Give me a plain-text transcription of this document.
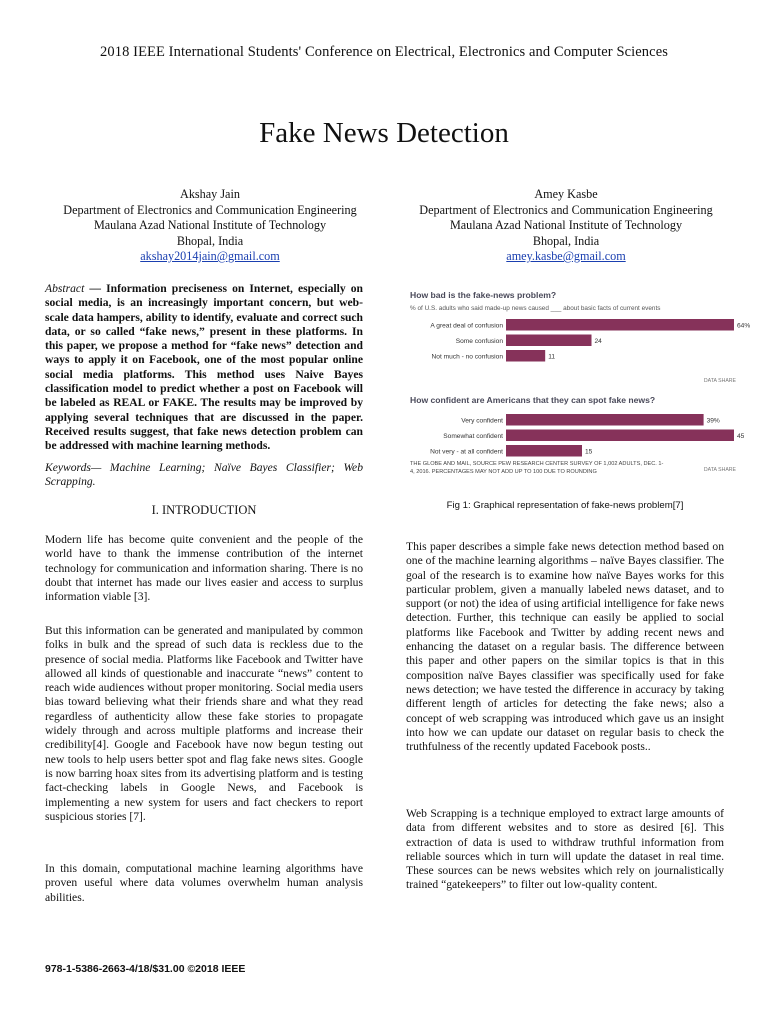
2018 IEEE International Students' Conference on Electrical, Electronics and Computer Sciences
Fake News Detection
Akshay Jain
Department of Electronics and Communication Engineering
Maulana Azad National Institute of Technology
Bhopal, India
akshay2014jain@gmail.com
Amey Kasbe
Department of Electronics and Communication Engineering
Maulana Azad National Institute of Technology
Bhopal, India
amey.kasbe@gmail.com
Abstract — Information preciseness on Internet, especially on social media, is an increasingly important concern, but web-scale data hampers, ability to identify, evaluate and correct such data, or so called “fake news,” present in these platforms. In this paper, we propose a method for “fake news” detection and ways to apply it on Facebook, one of the most popular online social media platforms. This method uses Naive Bayes classification model to predict whether a post on Facebook will be labeled as REAL or FAKE. The results may be improved by applying several techniques that are discussed in the paper. Received results suggest, that fake news detection problem can be addressed with machine learning methods.
Keywords— Machine Learning; Naïve Bayes Classifier; Web Scrapping.
I. INTRODUCTION

Modern life has become quite convenient and the people of the world have to thank the immense contribution of the internet technology for communication and information sharing. There is no doubt that internet has made our lives easier and access to surplus information viable [3].

But this information can be generated and manipulated by common folks in bulk and the spread of such data is reckless due to the presence of social media. Platforms like Facebook and Twitter have allowed all kinds of questionable and inaccurate “news” content to reach wide audiences without proper monitoring. Social media users bias toward believing what their friends share and what they read regardless of authenticity allow these fake stories to propagate widely through and across multiple platforms and increase their credibility[4]. Google and Facebook have now begun testing out new tools to help users better spot and flag fake news sites. Google is now barring hoax sites from its advertising platform and is testing fact-checking labels in Google News, and Facebook is implementing a new system for users and fact checkers to report suspicious stories [7].

In this domain, computational machine learning algorithms have proven useful where data volumes overwhelm human analysis abilities.

How bad is the fake-news problem?
% of U.S. adults who said made-up news caused ___ about basic facts of current events
A great deal of confusion	64%
Some confusion	24
Not much - no confusion	11
DATA SHARE
How confident are Americans that they can spot fake news?
Very confident	39%
Somewhat confident	45
Not very - at all confident	15
THE GLOBE AND MAIL, SOURCE PEW RESEARCH CENTER SURVEY OF 1,002 ADULTS, DEC. 1-
4, 2016. PERCENTAGES MAY NOT ADD UP TO 100 DUE TO ROUNDING	DATA SHARE
Fig 1: Graphical representation of fake-news problem[7]

This paper describes a simple fake news detection method based on one of the machine learning algorithms – naïve Bayes classifier. The goal of the research is to examine how naïve Bayes works for this particular problem, given a manually labeled news dataset, and to support (or not) the idea of using artificial intelligence for fake news detection. Further, this technique can easily be applied to social platforms like Facebook and Twitter by adding recent news and enhancing the dataset on a regular basis. The difference between this paper and other papers on the similar topics is that in this composition naïve Bayes classifier was specifically used for fake news detection; we have tested the difference in accuracy by taking different length of articles for detecting the fake news; also a concept of web scrapping was introduced which gave us an insight into how we can update our dataset on regular basis to check the truthfulness of the recently updated Facebook posts..

Web Scrapping is a technique employed to extract large amounts of data from different websites and to store as desired [6]. This extraction of data is used to withdraw truthful information from reliable sources which in turn will update the dataset in real time. These sources can be news websites which rely on journalistically trained “gatekeepers” to filter out low-quality content.

978-1-5386-2663-4/18/$31.00 ©2018 IEEE
